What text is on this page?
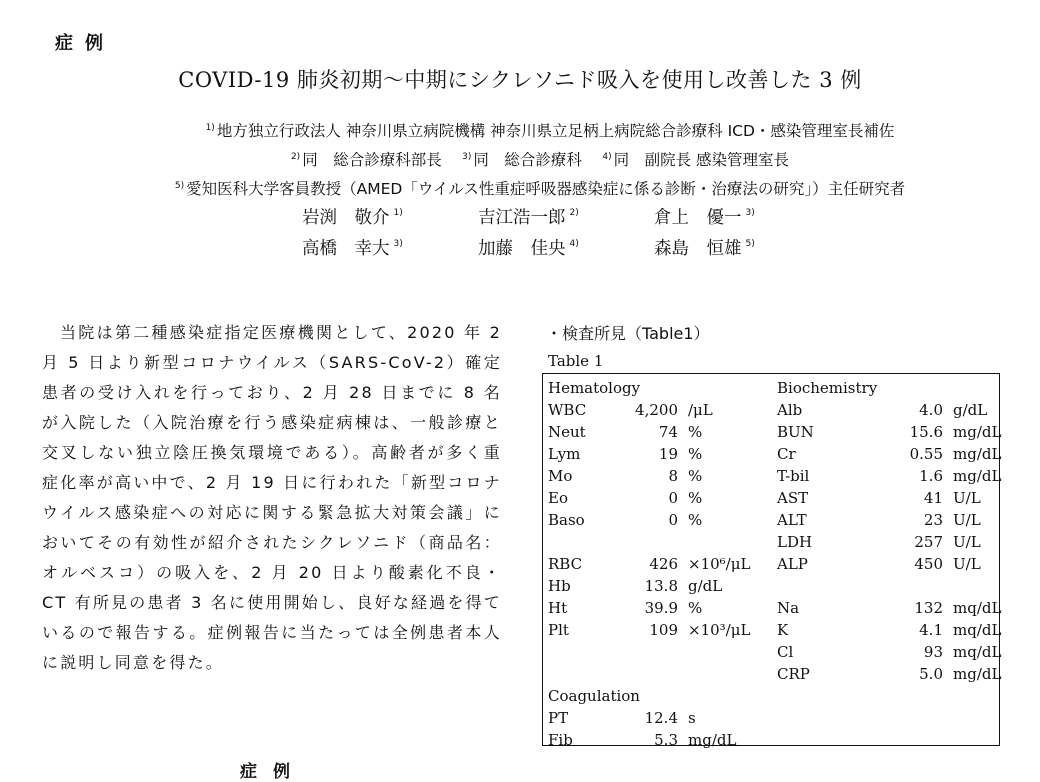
症例
COVID-19 肺炎初期～中期にシクレソニド吸入を使用し改善した 3 例
$^{1)}$ 地方独立行政法人 神奈川県立病院機構 神奈川県立足柄上病院総合診療科 ICD・感染管理室長補佐
$^{2)}$ 同　総合診療科部長  $^{3)}$ 同　総合診療科  $^{4)}$ 同　副院長 感染管理室長
$^{5)}$ 愛知医科大学客員教授（AMED「ウイルス性重症呼吸器感染症に係る診断・治療法の研究」）主任研究者
岩渕　敬介 $^{1)}$	吉江浩一郎 $^{2)}$	倉上　優一 $^{3)}$
高橋　幸大 $^{3)}$	加藤　佳央 $^{4)}$	森島　恒雄 $^{5)}$
当院は第二種感染症指定医療機関として、2020 年 2 月 5 日より新型コロナウイルス（SARS-CoV-2）確定患者の受け入れを行っており、2 月 28 日までに 8 名が入院した（入院治療を行う感染症病棟は、一般診療と交叉しない独立陰圧換気環境である）。高齢者が多く重症化率が高い中で、2 月 19 日に行われた「新型コロナウイルス感染症への対応に関する緊急拡大対策会議」においてその有効性が紹介されたシクレソニド（商品名：オルベスコ）の吸入を、2 月 20 日より酸素化不良・CT 有所見の患者 3 名に使用開始し、良好な経過を得ているので報告する。症例報告に当たっては全例患者本人に説明し同意を得た。
症例
・検査所見（Table1）
Table 1
Hematology
WBC	4,200 /μL
Neut	74 %
Lym	19 %
Mo	8 %
Eo	0 %
Baso	0 %
RBC	426 ×10⁶/μL
Hb	13.8 g/dL
Ht	39.9 %
Plt	109 ×10³/μL
Biochemistry
Alb	4.0 g/dL
BUN	15.6 mg/dL
Cr	0.55 mg/dL
T-bil	1.6 mg/dL
AST	41 U/L
ALT	23 U/L
LDH	257 U/L
ALP	450 U/L
Na	132 mq/dL
K	4.1 mq/dL
Cl	93 mq/dL
CRP	5.0 mg/dL
Coagulation
PT	12.4 s
Fib	5.3 mg/dL
